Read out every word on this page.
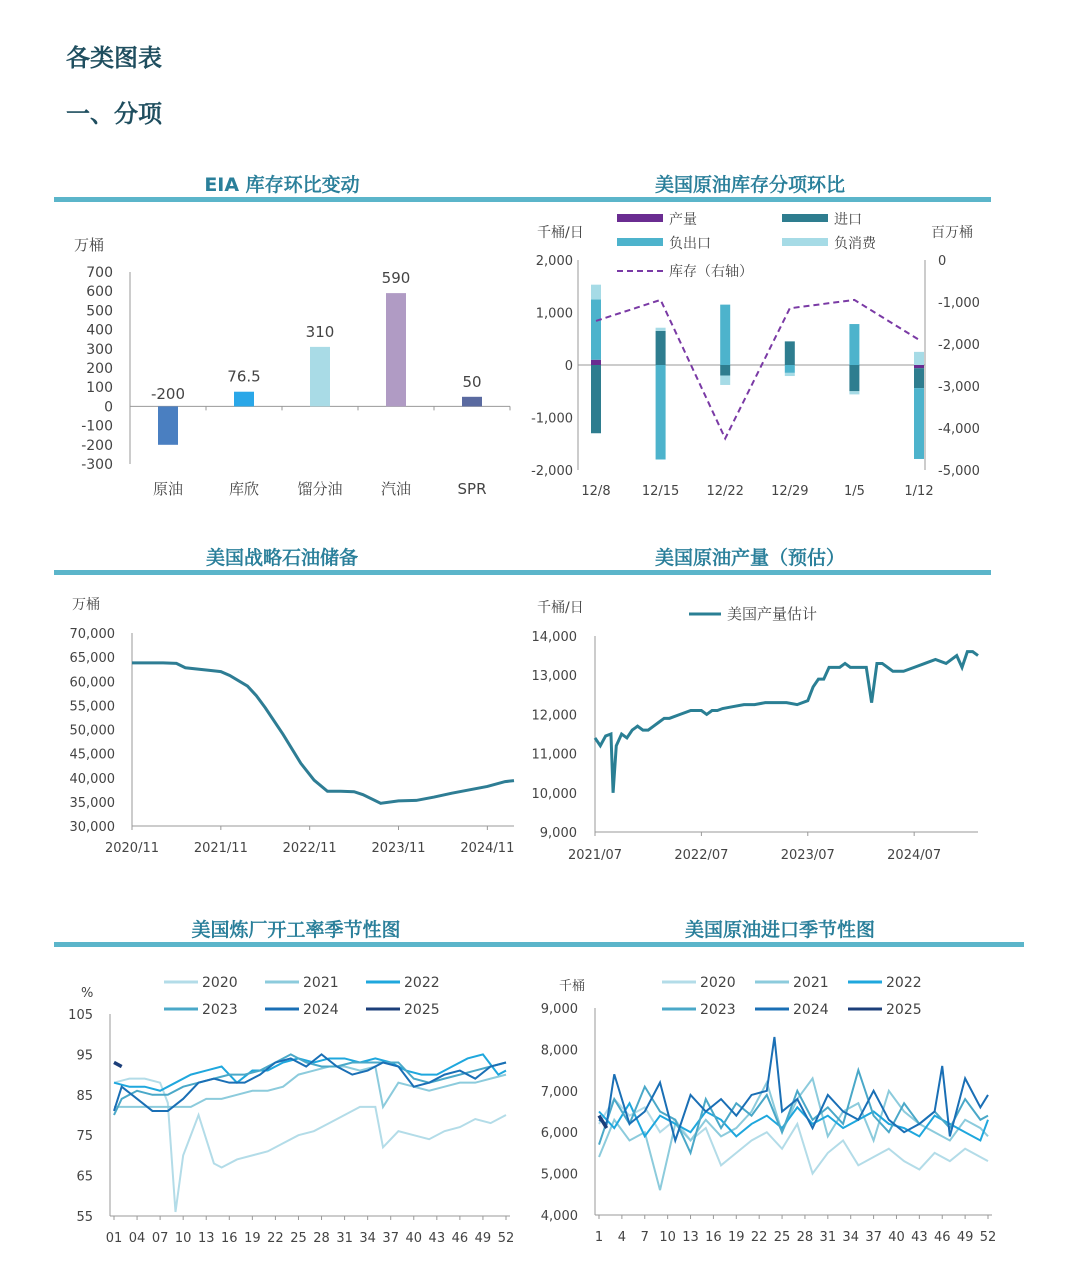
各类图表
一、分项
EIA 库存环比变动	美国原油库存分项环比
美国战略石油储备	美国原油产量（预估）
美国炼厂开工率季节性图	美国原油进口季节性图
万桶
700
600
500
400
300
200
100
0
-100
-200
-300
原油
-200
库欣
76.5
馏分油
310
汽油
590
SPR
50
千桶/日	百万桶
2,000
1,000
0
-1,000
-2,000
0
-1,000
-2,000
-3,000
-4,000
-5,000
12/8 12/15 12/22 12/29	1/5	1/12
产量	进口
负出口	负消费
库存（右轴）
万桶
70,000
65,000
60,000
55,000
50,000
45,000
40,000
35,000
30,000
2020/11	2021/11	2022/11	2023/11	2024/11
千桶/日
14,000
13,000
12,000
11,000
10,000
9,000
2021/07	2022/07	2023/07	2024/07
美国产量估计
%
105
95
85
75
65
55
01 04 07 10 13 16 19 22 25 28 31 34 37 40 43 46 49 52
2020	2021	2022
2023	2024	2025
千桶
9,000
8,000
7,000
6,000
5,000
4,000
1 4 7 10 13 16 19 22 25 28 31 34 37 40 43 46 49 52
2020	2021	2022
2023	2024	2025
